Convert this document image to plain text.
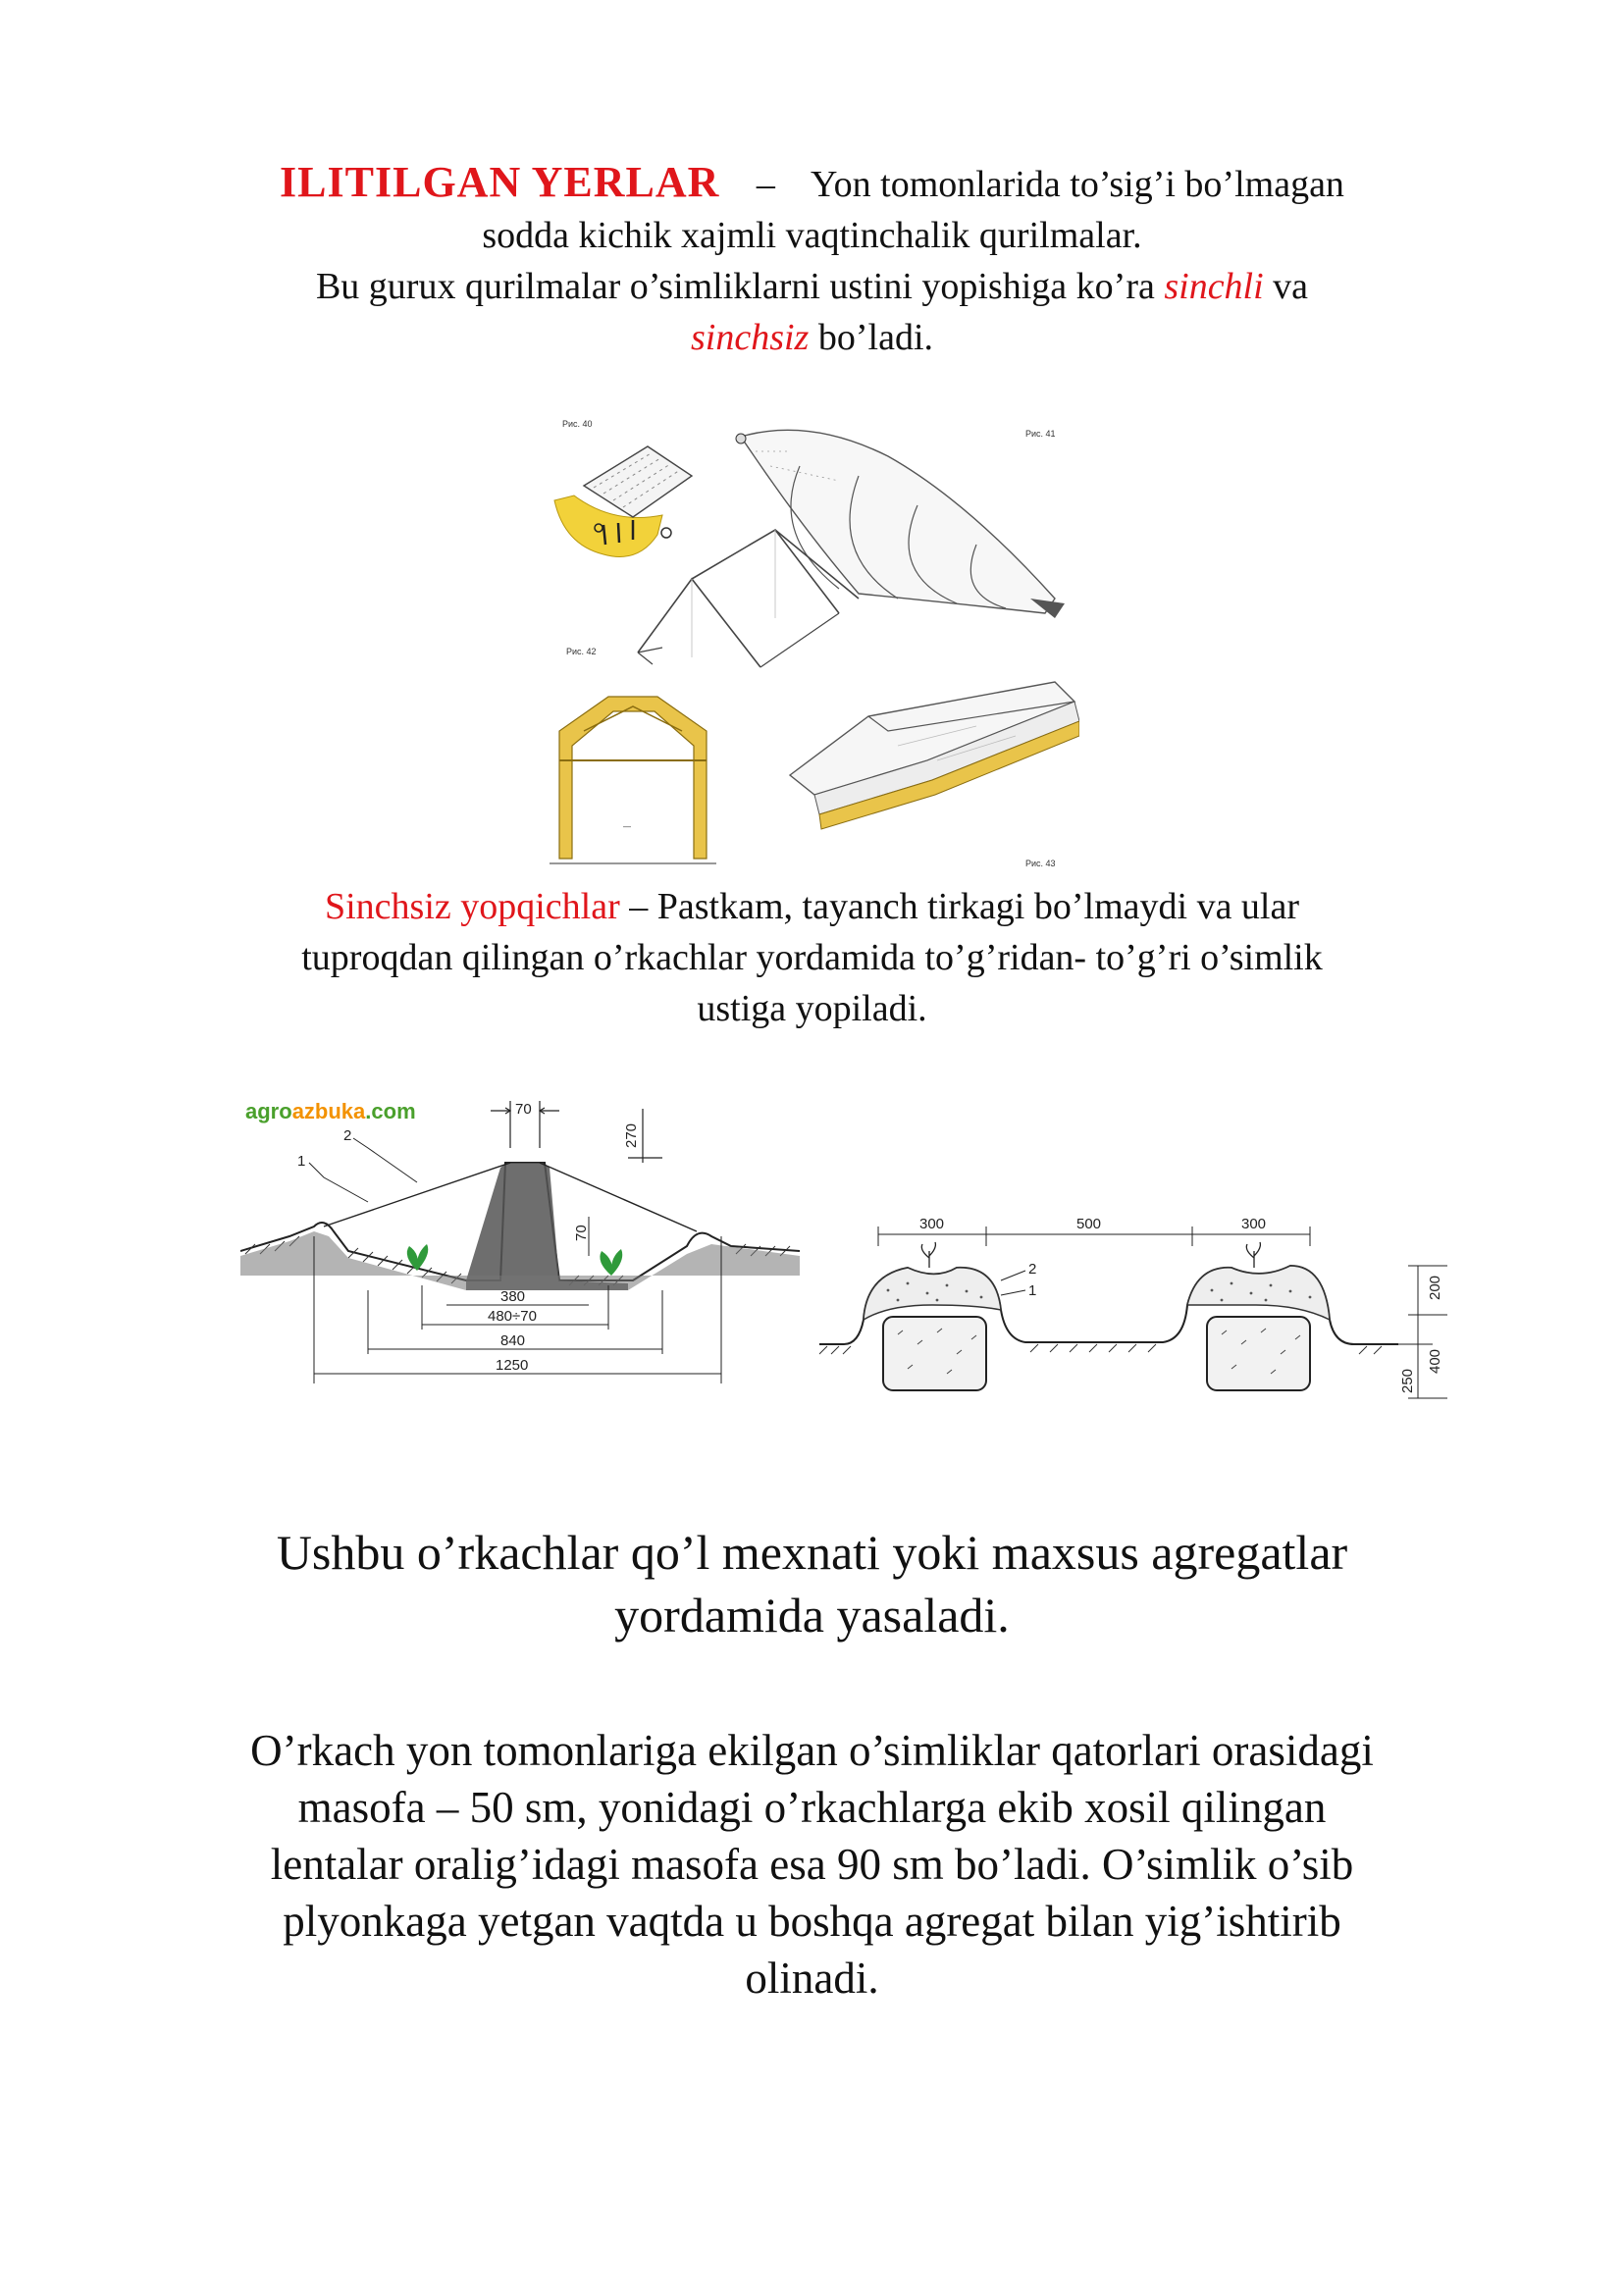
ILITILGAN YERLAR – Yon tomonlarida to’sig’i bo’lmagan
sodda kichik xajmli vaqtinchalik qurilmalar.
Bu gurux qurilmalar o’simliklarni ustini yopishiga ko’ra sinchli va
sinchsiz bo’ladi.
Рис. 40
Рис. 41
Рис. 42
—
Рис. 43
Sinchsiz yopqichlar – Pastkam, tayanch tirkagi bo’lmaydi va ular
tuproqdan qilingan o’rkachlar yordamida to’g’ridan- to’g’ri o’simlik
ustiga yopiladi.
agroazbuka.com	70
270
1
2
70
380
480÷70
840
1250
300	500	300
2
1	200
400
250
Ushbu o’rkachlar qo’l mexnati yoki maxsus agregatlar
yordamida yasaladi.
O’rkach yon tomonlariga ekilgan o’simliklar qatorlari orasidagi
masofa – 50 sm, yonidagi o’rkachlarga ekib xosil qilingan
lentalar oralig’idagi masofa esa 90 sm bo’ladi. O’simlik o’sib
plyonkaga yetgan vaqtda u boshqa agregat bilan yig’ishtirib
olinadi.
